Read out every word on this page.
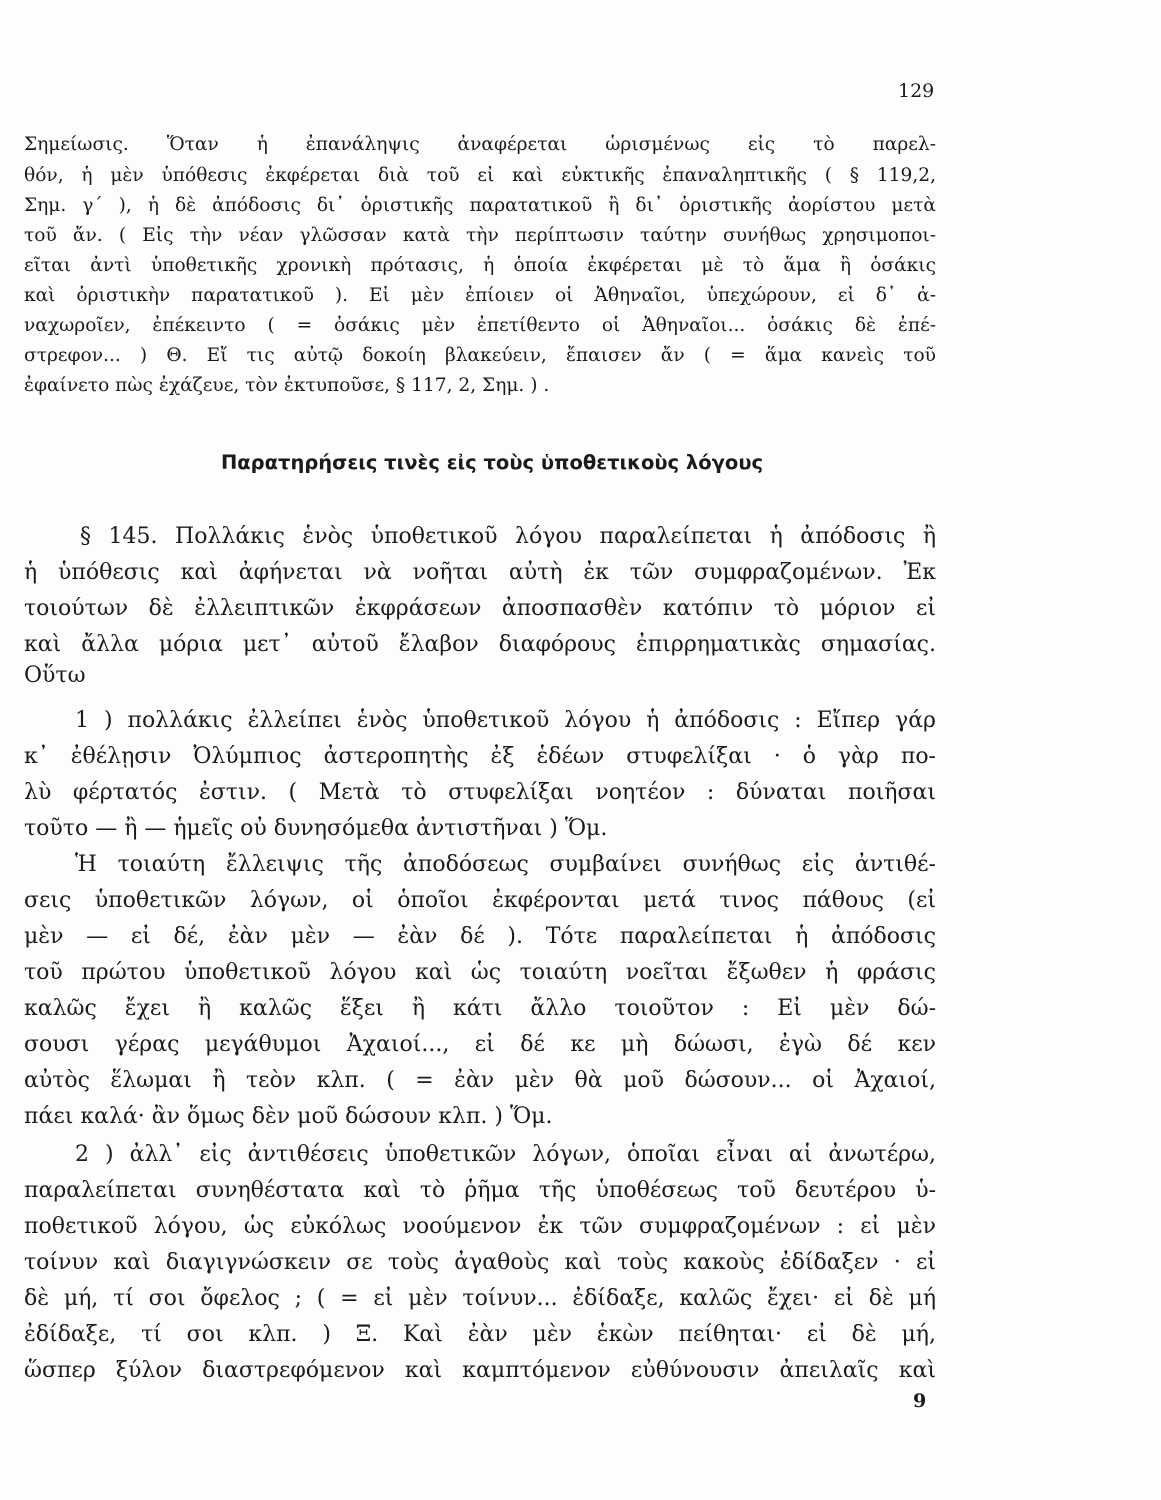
129
Σημείωσις. Ὅταν ἡ ἐπανάληψις ἀναφέρεται ὡρισμένως εἰς τὸ παρελ-
θόν, ἡ μὲν ὑπόθεσις ἐκφέρεται διὰ τοῦ εἰ καὶ εὐκτικῆς ἐπαναληπτικῆς ( § 119,2,
Σημ. γ´ ), ἡ δὲ ἀπόδοσις δι᾽ ὁριστικῆς παρατατικοῦ ἢ δι᾽ ὁριστικῆς ἀορίστου μετὰ
τοῦ ἄν. ( Εἰς τὴν νέαν γλῶσσαν κατὰ τὴν περίπτωσιν ταύτην συνήθως χρησιμοποι-
εῖται ἀντὶ ὑποθετικῆς χρονικὴ πρότασις, ἡ ὁποία ἐκφέρεται μὲ τὸ ἅμα ἢ ὁσάκις
καὶ ὁριστικὴν παρατατικοῦ ). Εἰ μὲν ἐπίοιεν οἱ Ἀθηναῖοι, ὑπεχώρουν, εἰ δ᾽ ἀ-
ναχωροῖεν, ἐπέκειντο ( = ὁσάκις μὲν ἐπετίθεντο οἱ Ἀθηναῖοι... ὁσάκις δὲ ἐπέ-
στρεφον... ) Θ. Εἴ τις αὐτῷ δοκοίη βλακεύειν, ἔπαισεν ἄν ( = ἅμα κανεὶς τοῦ
ἐφαίνετο πὼς ἐχάζευε, τὸν ἐκτυποῦσε, § 117, 2, Σημ. ) .
Παρατηρήσεις τινὲς εἰς τοὺς ὑποθετικοὺς λόγους
§ 145. Πολλάκις ἑνὸς ὑποθετικοῦ λόγου παραλείπεται ἡ ἀπόδοσις ἢ
ἡ ὑπόθεσις καὶ ἀφήνεται νὰ νοῆται αὐτὴ ἐκ τῶν συμφραζομένων. Ἐκ
τοιούτων δὲ ἐλλειπτικῶν ἐκφράσεων ἀποσπασθὲν κατόπιν τὸ μόριον εἰ
καὶ ἄλλα μόρια μετ᾽ αὐτοῦ ἔλαβον διαφόρους ἐπιρρηματικὰς σημασίας.
Οὕτω
1 ) πολλάκις ἐλλείπει ἑνὸς ὑποθετικοῦ λόγου ἡ ἀπόδοσις : Εἴπερ γάρ
κ᾽ ἐθέλῃσιν Ὀλύμπιος ἀστεροπητὴς ἐξ ἑδέων στυφελίξαι · ὁ γὰρ πο-
λὺ φέρτατός ἐστιν. ( Μετὰ τὸ στυφελίξαι νοητέον : δύναται ποιῆσαι
τοῦτο — ἢ — ἡμεῖς οὐ δυνησόμεθα ἀντιστῆναι ) Ὅμ.
Ἡ τοιαύτη ἔλλειψις τῆς ἀποδόσεως συμβαίνει συνήθως εἰς ἀντιθέ-
σεις ὑποθετικῶν λόγων, οἱ ὁποῖοι ἐκφέρονται μετά τινος πάθους (εἰ
μὲν — εἰ δέ, ἐὰν μὲν — ἐὰν δέ ). Τότε παραλείπεται ἡ ἀπόδοσις
τοῦ πρώτου ὑποθετικοῦ λόγου καὶ ὡς τοιαύτη νοεῖται ἔξωθεν ἡ φράσις
καλῶς ἔχει ἢ καλῶς ἕξει ἢ κάτι ἄλλο τοιοῦτον : Εἰ μὲν δώ-
σουσι γέρας μεγάθυμοι Ἀχαιοί..., εἰ δέ κε μὴ δώωσι, ἐγὼ δέ κεν
αὐτὸς ἕλωμαι ἢ τεὸν κλπ. ( = ἐὰν μὲν θὰ μοῦ δώσουν... οἱ Ἀχαιοί,
πάει καλά· ἂν ὅμως δὲν μοῦ δώσουν κλπ. ) Ὅμ.
2 ) ἀλλ᾽ εἰς ἀντιθέσεις ὑποθετικῶν λόγων, ὁποῖαι εἶναι αἱ ἀνωτέρω,
παραλείπεται συνηθέστατα καὶ τὸ ῥῆμα τῆς ὑποθέσεως τοῦ δευτέρου ὑ-
ποθετικοῦ λόγου, ὡς εὐκόλως νοούμενον ἐκ τῶν συμφραζομένων : εἰ μὲν
τοίνυν καὶ διαγιγνώσκειν σε τοὺς ἀγαθοὺς καὶ τοὺς κακοὺς ἐδίδαξεν · εἰ
δὲ μή, τί σοι ὄφελος ; ( = εἰ μὲν τοίνυν... ἐδίδαξε, καλῶς ἔχει· εἰ δὲ μή
ἐδίδαξε, τί σοι κλπ. ) Ξ. Καὶ ἐὰν μὲν ἑκὼν πείθηται· εἰ δὲ μή,
ὥσπερ ξύλον διαστρεφόμενον καὶ καμπτόμενον εὐθύνουσιν ἀπειλαῖς καὶ
9
